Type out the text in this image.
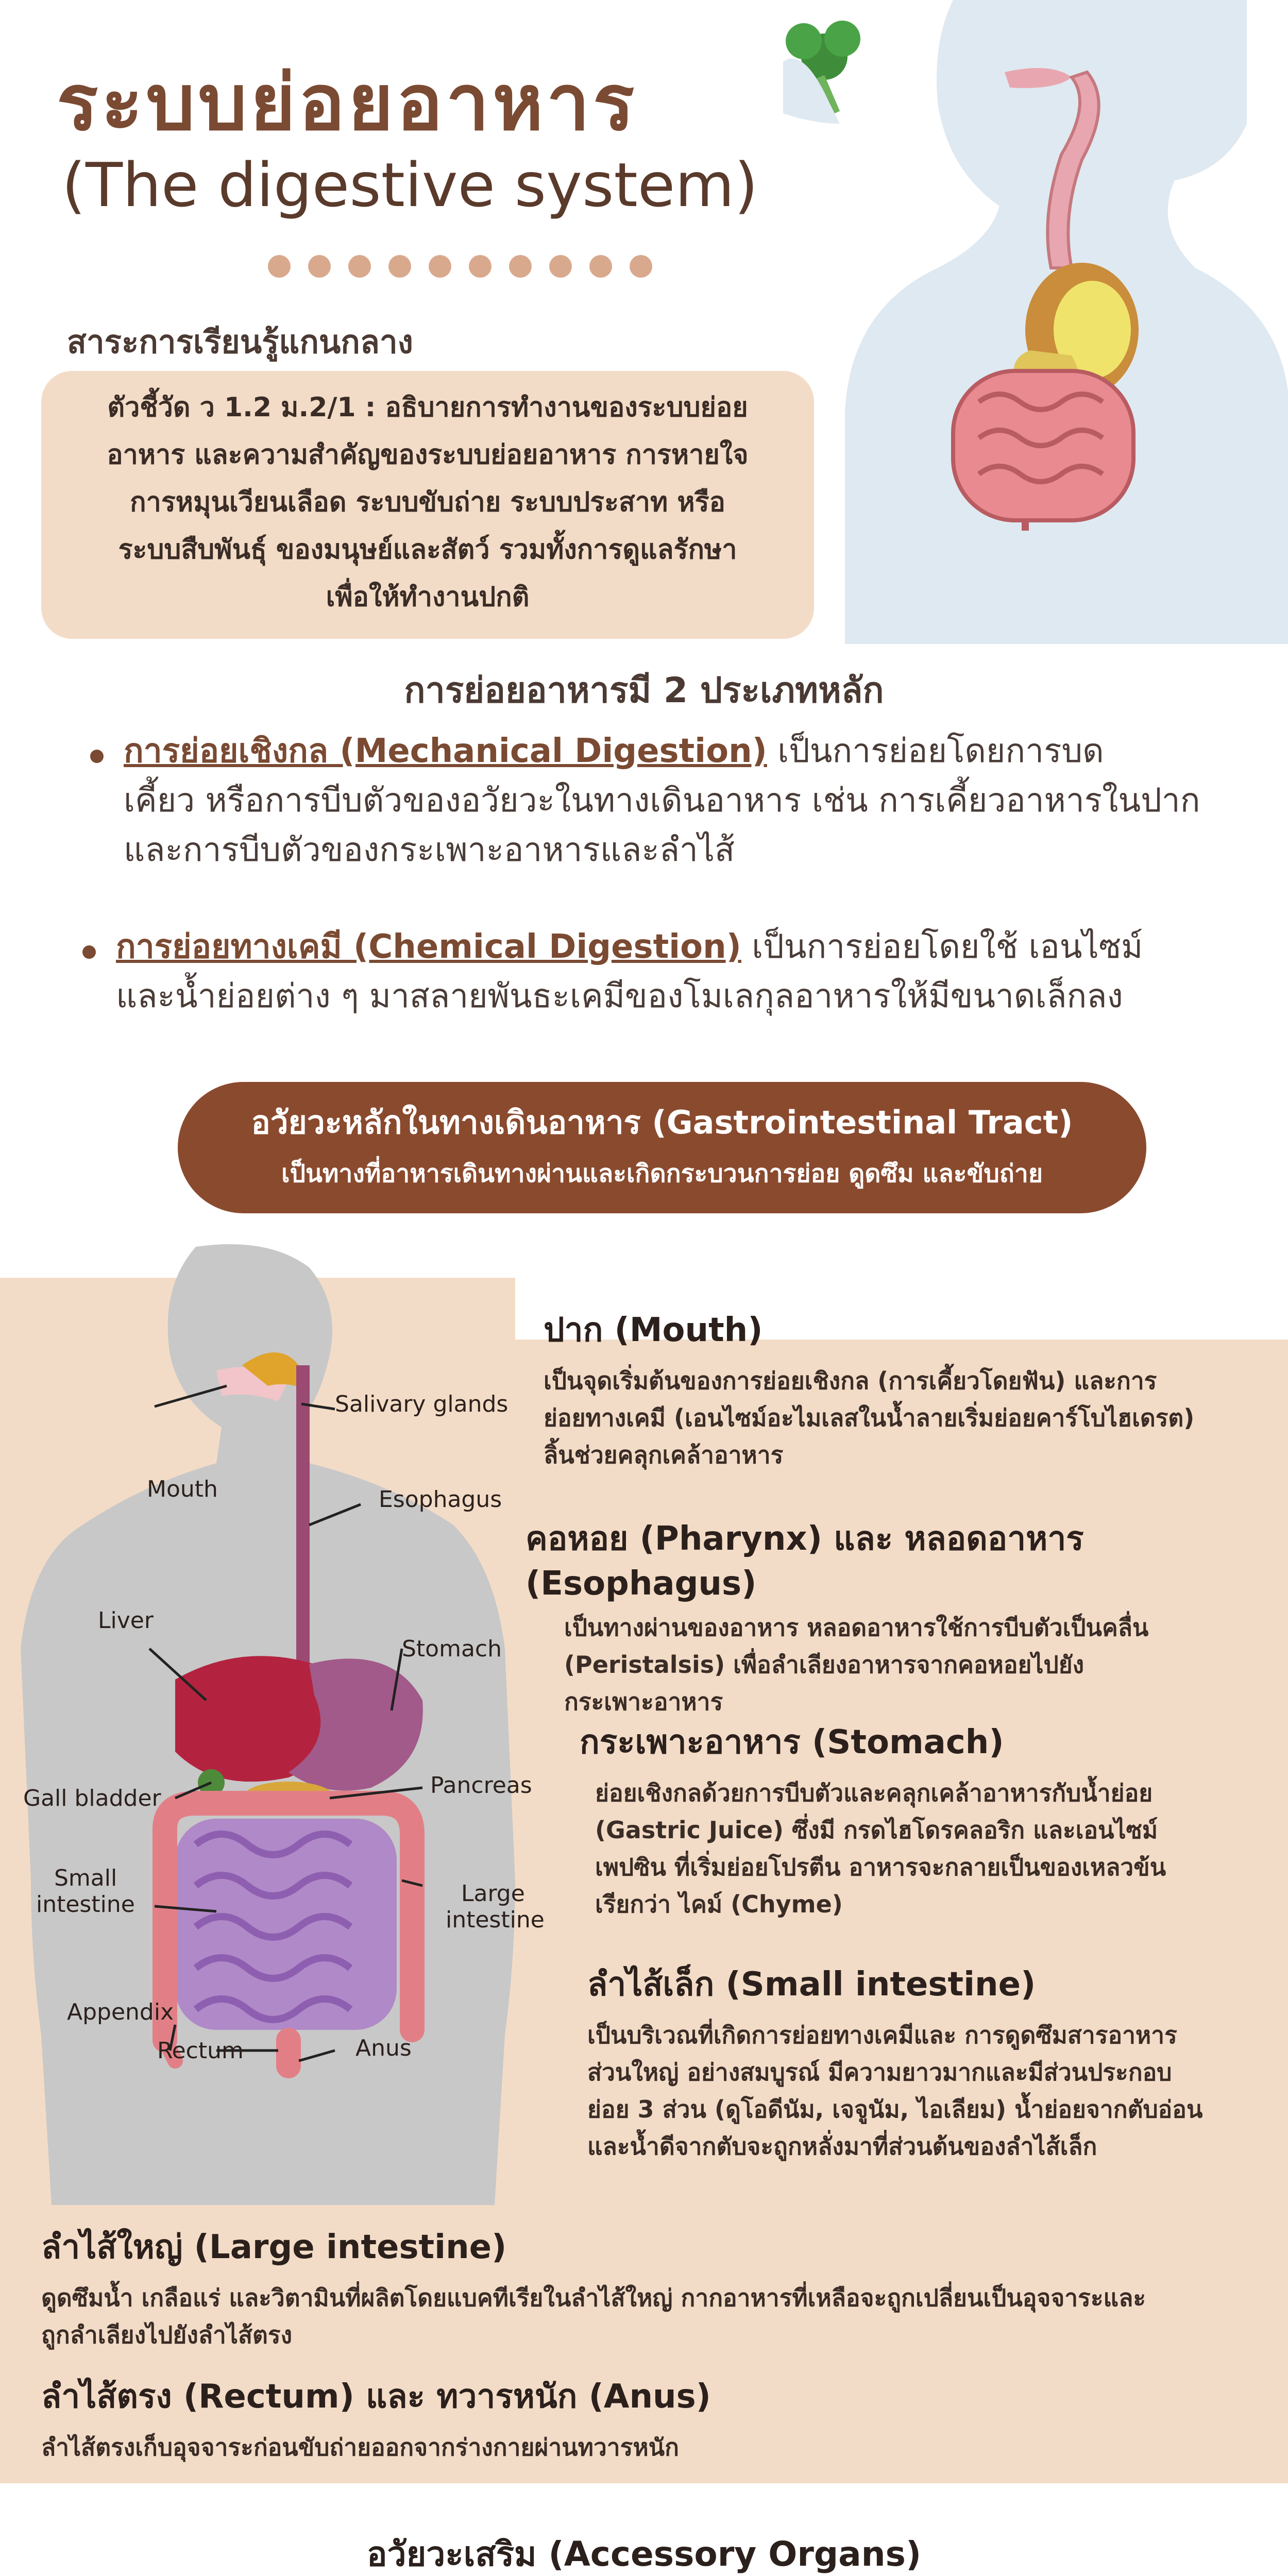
ระบบย่อยอาหาร
(The digestive system)
สาระการเรียนรู้แกนกลาง
ตัวชี้วัด ว 1.2 ม.2/1 : อธิบายการทำงานของระบบย่อย
อาหาร และความสำคัญของระบบย่อยอาหาร การหายใจ
การหมุนเวียนเลือด ระบบขับถ่าย ระบบประสาท หรือ
ระบบสืบพันธุ์ ของมนุษย์และสัตว์ รวมทั้งการดูแลรักษา
เพื่อให้ทำงานปกติ
การย่อยอาหารมี 2 ประเภทหลัก
การย่อยเชิงกล (Mechanical Digestion) เป็นการย่อยโดยการบด
เคี้ยว หรือการบีบตัวของอวัยวะในทางเดินอาหาร เช่น การเคี้ยวอาหารในปาก
และการบีบตัวของกระเพาะอาหารและลำไส้
การย่อยทางเคมี (Chemical Digestion) เป็นการย่อยโดยใช้ เอนไซม์
และน้ำย่อยต่าง ๆ มาสลายพันธะเคมีของโมเลกุลอาหารให้มีขนาดเล็กลง
อวัยวะหลักในทางเดินอาหาร (Gastrointestinal Tract)
เป็นทางที่อาหารเดินทางผ่านและเกิดกระบวนการย่อย ดูดซึม และขับถ่าย
Salivary glands
Mouth	Esophagus
Liver
Stomach
Pancreas
Gall bladder
Small
intestine	Large
intestine
Appendix
Rectum	Anus
ปาก (Mouth)
เป็นจุดเริ่มต้นของการย่อยเชิงกล (การเคี้ยวโดยฟัน) และการ
ย่อยทางเคมี (เอนไซม์อะไมเลสในน้ำลายเริ่มย่อยคาร์โบไฮเดรต)
ลิ้นช่วยคลุกเคล้าอาหาร
คอหอย (Pharynx) และ หลอดอาหาร (Esophagus)
เป็นทางผ่านของอาหาร หลอดอาหารใช้การบีบตัวเป็นคลื่น
(Peristalsis) เพื่อลำเลียงอาหารจากคอหอยไปยัง
กระเพาะอาหาร
กระเพาะอาหาร (Stomach)
ย่อยเชิงกลด้วยการบีบตัวและคลุกเคล้าอาหารกับน้ำย่อย
(Gastric Juice) ซึ่งมี กรดไฮโดรคลอริก และเอนไซม์
เพปซิน ที่เริ่มย่อยโปรตีน อาหารจะกลายเป็นของเหลวข้น
เรียกว่า ไคม์ (Chyme)
ลำไส้เล็ก (Small intestine)
เป็นบริเวณที่เกิดการย่อยทางเคมีและ การดูดซึมสารอาหาร
ส่วนใหญ่ อย่างสมบูรณ์ มีความยาวมากและมีส่วนประกอบ
ย่อย 3 ส่วน (ดูโอดีนัม, เจจูนัม, ไอเลียม) น้ำย่อยจากตับอ่อน
และน้ำดีจากตับจะถูกหลั่งมาที่ส่วนต้นของลำไส้เล็ก
ลำไส้ใหญ่ (Large intestine)
ดูดซึมน้ำ เกลือแร่ และวิตามินที่ผลิตโดยแบคทีเรียในลำไส้ใหญ่ กากอาหารที่เหลือจะถูกเปลี่ยนเป็นอุจจาระและ
ถูกลำเลียงไปยังลำไส้ตรง
ลำไส้ตรง (Rectum) และ ทวารหนัก (Anus)
ลำไส้ตรงเก็บอุจจาระก่อนขับถ่ายออกจากร่างกายผ่านทวารหนัก
อวัยวะเสริม (Accessory Organs)
